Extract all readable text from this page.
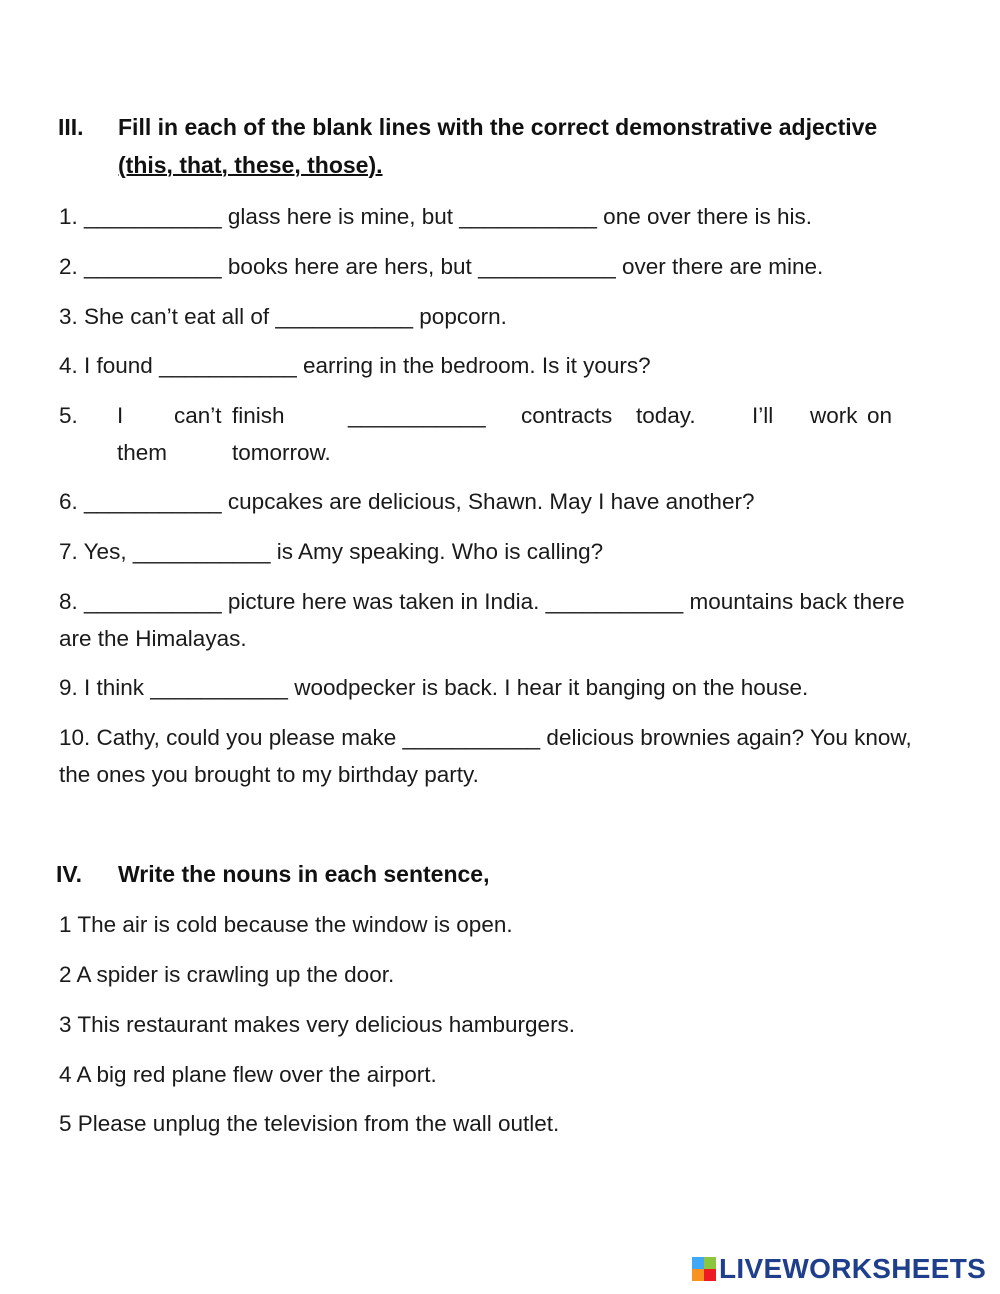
III. Fill in each of the blank lines with the correct demonstrative adjective (this, that, these, those).
1. ___________ glass here is mine, but ___________ one over there is his.
2. ___________ books here are hers, but ___________ over there are mine.
3. She can’t eat all of ___________ popcorn.
4. I found ___________ earring in the bedroom. Is it yours?
5. I can’t finish	___________ contracts today.	I’ll work on
them	tomorrow.
6. ___________ cupcakes are delicious, Shawn. May I have another?
7. Yes, ___________ is Amy speaking. Who is calling?
8. ___________ picture here was taken in India. ___________ mountains back there are the Himalayas.
9. I think ___________ woodpecker is back. I hear it banging on the house.
10. Cathy, could you please make ___________ delicious brownies again? You know, the ones you brought to my birthday party.
IV. Write the nouns in each sentence,
1 The air is cold because the window is open.
2 A spider is crawling up the door.
3 This restaurant makes very delicious hamburgers.
4 A big red plane flew over the airport.
5 Please unplug the television from the wall outlet.
LIVEWORKSHEETS
